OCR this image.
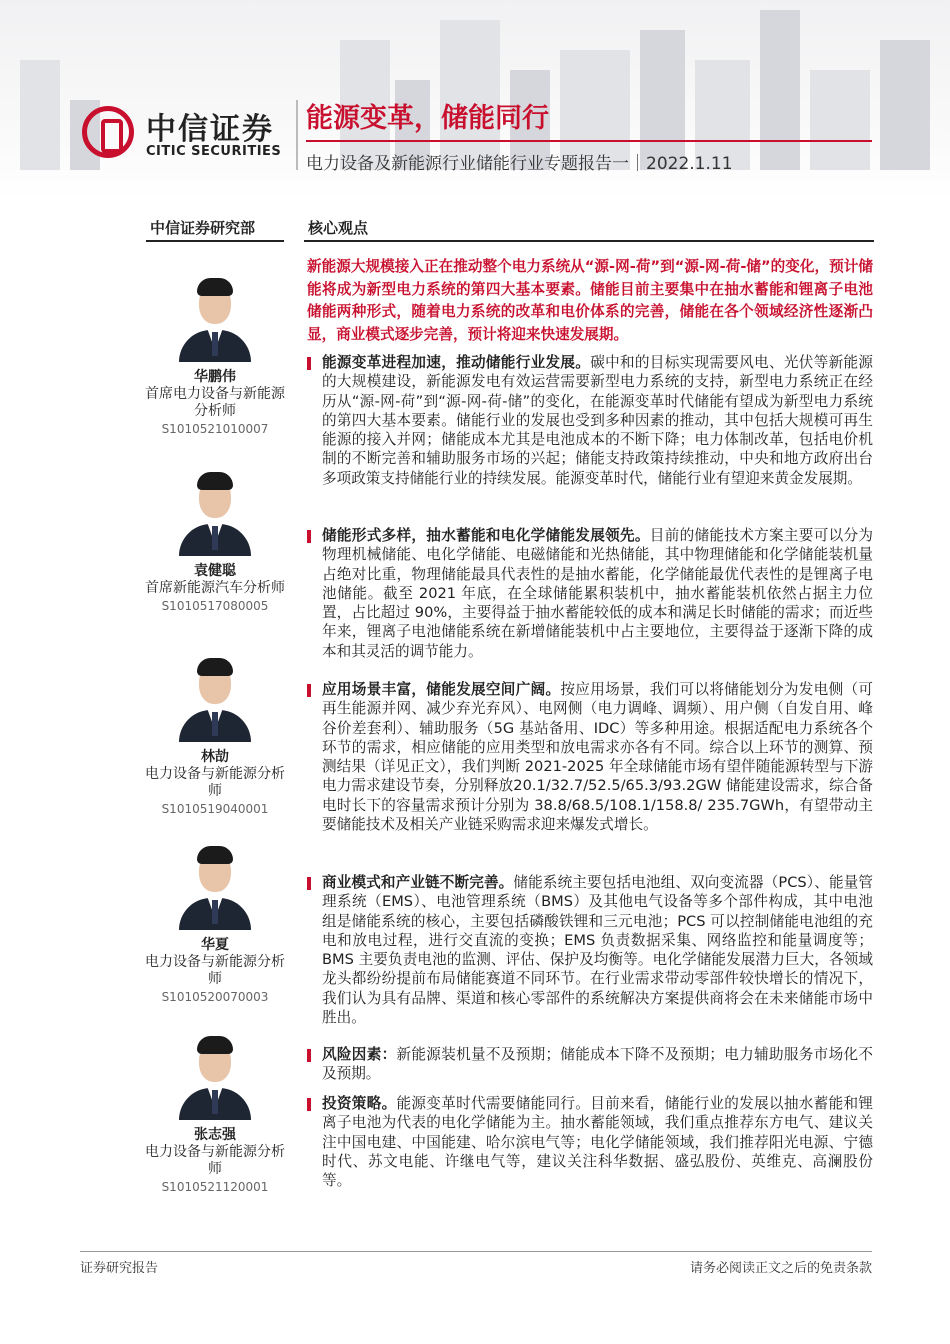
中信证券
CITIC SECURITIES
能源变革，储能同行
电力设备及新能源行业储能行业专题报告一｜2022.1.11
中信证券研究部	核心观点
华鹏伟
首席电力设备与新能源分析师
S1010521010007
袁健聪
首席新能源汽车分析师
S1010517080005
林劼
电力设备与新能源分析师
S1010519040001
华夏
电力设备与新能源分析师
S1010520070003
张志强
电力设备与新能源分析师
S1010521120001

新能源大规模接入正在推动整个电力系统从“源-网-荷”到“源-网-荷-储”的变化，预计储能将成为新型电力系统的第四大基本要素。储能目前主要集中在抽水蓄能和锂离子电池储能两种形式，随着电力系统的改革和电价体系的完善，储能在各个领域经济性逐渐凸显，商业模式逐步完善，预计将迎来快速发展期。

能源变革进程加速，推动储能行业发展。碳中和的目标实现需要风电、光伏等新能源的大规模建设，新能源发电有效运营需要新型电力系统的支持，新型电力系统正在经历从“源-网-荷”到“源-网-荷-储”的变化，在能源变革时代储能有望成为新型电力系统的第四大基本要素。储能行业的发展也受到多种因素的推动，其中包括大规模可再生能源的接入并网；储能成本尤其是电池成本的不断下降；电力体制改革，包括电价机制的不断完善和辅助服务市场的兴起；储能支持政策持续推动，中央和地方政府出台多项政策支持储能行业的持续发展。能源变革时代，储能行业有望迎来黄金发展期。

储能形式多样，抽水蓄能和电化学储能发展领先。目前的储能技术方案主要可以分为物理机械储能、电化学储能、电磁储能和光热储能，其中物理储能和化学储能装机量占绝对比重，物理储能最具代表性的是抽水蓄能，化学储能最优代表性的是锂离子电池储能。截至 2021 年底，在全球储能累积装机中，抽水蓄能装机依然占据主力位置，占比超过 90%，主要得益于抽水蓄能较低的成本和满足长时储能的需求；而近些年来，锂离子电池储能系统在新增储能装机中占主要地位，主要得益于逐渐下降的成本和其灵活的调节能力。

应用场景丰富，储能发展空间广阔。按应用场景，我们可以将储能划分为发电侧（可再生能源并网、减少弃光弃风）、电网侧（电力调峰、调频）、用户侧（自发自用、峰谷价差套利）、辅助服务（5G 基站备用、IDC）等多种用途。根据适配电力系统各个环节的需求，相应储能的应用类型和放电需求亦各有不同。综合以上环节的测算、预测结果（详见正文），我们判断 2021-2025 年全球储能市场有望伴随能源转型与下游电力需求建设节奏，分别释放20.1/32.7/52.5/65.3/93.2GW 储能建设需求，综合备电时长下的容量需求预计分别为 38.8/68.5/108.1/158.8/ 235.7GWh，有望带动主要储能技术及相关产业链采购需求迎来爆发式增长。

商业模式和产业链不断完善。储能系统主要包括电池组、双向变流器（PCS）、能量管理系统（EMS）、电池管理系统（BMS）及其他电气设备等多个部件构成，其中电池组是储能系统的核心，主要包括磷酸铁锂和三元电池；PCS 可以控制储能电池组的充电和放电过程，进行交直流的变换；EMS 负责数据采集、网络监控和能量调度等；BMS 主要负责电池的监测、评估、保护及均衡等。电化学储能发展潜力巨大，各领域龙头都纷纷提前布局储能赛道不同环节。在行业需求带动零部件较快增长的情况下，我们认为具有品牌、渠道和核心零部件的系统解决方案提供商将会在未来储能市场中胜出。

风险因素：新能源装机量不及预期；储能成本下降不及预期；电力辅助服务市场化不及预期。

投资策略。能源变革时代需要储能同行。目前来看，储能行业的发展以抽水蓄能和锂离子电池为代表的电化学储能为主。抽水蓄能领域，我们重点推荐东方电气、建议关注中国电建、中国能建、哈尔滨电气等；电化学储能领域，我们推荐阳光电源、宁德时代、苏文电能、许继电气等，建议关注科华数据、盛弘股份、英维克、高澜股份等。

证券研究报告	请务必阅读正文之后的免责条款
